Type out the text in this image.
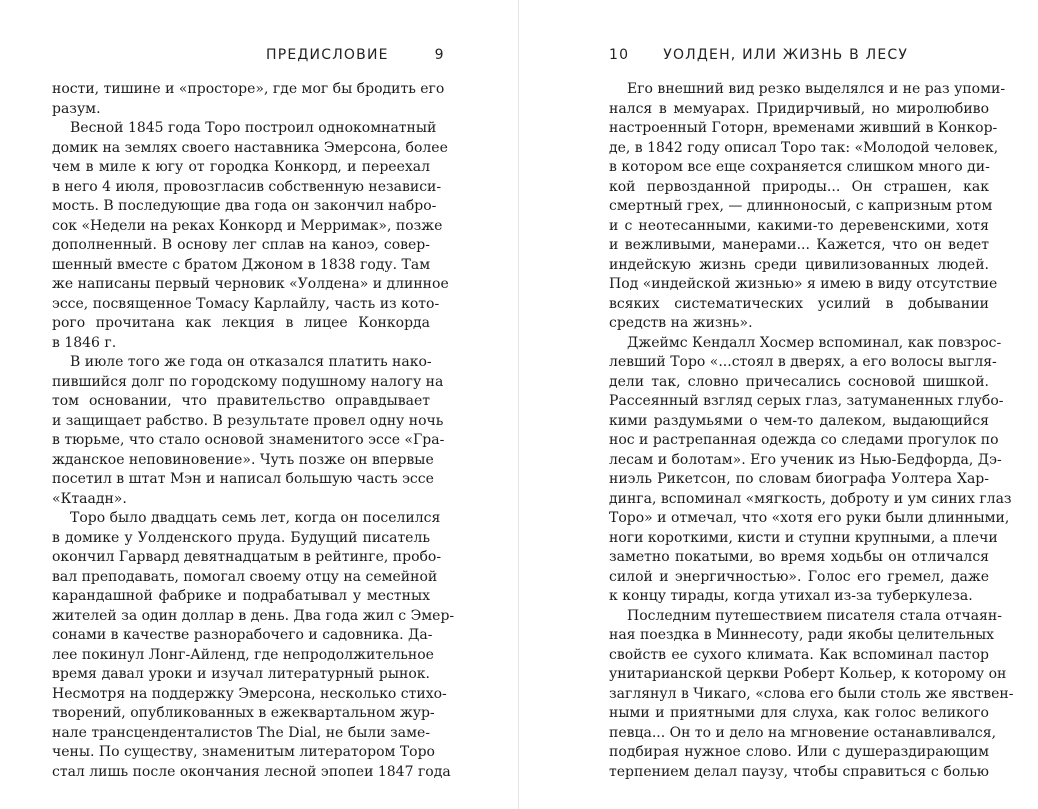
ПРЕДИСЛОВИЕ	9
ности, тишине и «просторе», где мог бы бродить его
разум.
Весной 1845 года Торо построил однокомнатный
домик на землях своего наставника Эмерсона, более
чем в миле к югу от городка Конкорд, и переехал
в него 4 июля, провозгласив собственную независи-
мость. В последующие два года он закончил набро-
сок «Недели на реках Конкорд и Мерримак», позже
дополненный. В основу лег сплав на каноэ, совер-
шенный вместе с братом Джоном в 1838 году. Там
же написаны первый черновик «Уолдена» и длинное
эссе, посвященное Томасу Карлайлу, часть из кото-
рого прочитана как лекция в лицее Конкорда
в 1846 г.
В июле того же года он отказался платить нако-
пившийся долг по городскому подушному налогу на
том основании, что правительство оправдывает
и защищает рабство. В результате провел одну ночь
в тюрьме, что стало основой знаменитого эссе «Гра-
жданское неповиновение». Чуть позже он впервые
посетил в штат Мэн и написал большую часть эссе
«Ктаадн».
Торо было двадцать семь лет, когда он поселился
в домике у Уолденского пруда. Будущий писатель
окончил Гарвард девятнадцатым в рейтинге, пробо-
вал преподавать, помогал своему отцу на семейной
карандашной фабрике и подрабатывал у местных
жителей за один доллар в день. Два года жил с Эмер-
сонами в качестве разнорабочего и садовника. Да-
лее покинул Лонг-Айленд, где непродолжительное
время давал уроки и изучал литературный рынок.
Несмотря на поддержку Эмерсона, несколько стихо-
творений, опубликованных в ежеквартальном жур-
нале трансценденталистов The Dial, не были заме-
чены. По существу, знаменитым литератором Торо
стал лишь после окончания лесной эпопеи 1847 года
10 УОЛДЕН, ИЛИ ЖИЗНЬ В ЛЕСУ
Его внешний вид резко выделялся и не раз упоми-
нался в мемуарах. Придирчивый, но миролюбиво
настроенный Готорн, временами живший в Конкор-
де, в 1842 году описал Торо так: «Молодой человек,
в котором все еще сохраняется слишком много ди-
кой первозданной природы... Он страшен, как
смертный грех, — длинноносый, с капризным ртом
и с неотесанными, какими-то деревенскими, хотя
и вежливыми, манерами... Кажется, что он ведет
индейскую жизнь среди цивилизованных людей.
Под «индейской жизнью» я имею в виду отсутствие
всяких систематических усилий в добывании
средств на жизнь».
Джеймс Кендалл Хосмер вспоминал, как повзрос-
левший Торо «...стоял в дверях, а его волосы выгля-
дели так, словно причесались сосновой шишкой.
Рассеянный взгляд серых глаз, затуманенных глубо-
кими раздумьями о чем-то далеком, выдающийся
нос и растрепанная одежда со следами прогулок по
лесам и болотам». Его ученик из Нью-Бедфорда, Дэ-
ниэль Рикетсон, по словам биографа Уолтера Хар-
динга, вспоминал «мягкость, доброту и ум синих глаз
Торо» и отмечал, что «хотя его руки были длинными,
ноги короткими, кисти и ступни крупными, а плечи
заметно покатыми, во время ходьбы он отличался
силой и энергичностью». Голос его гремел, даже
к концу тирады, когда утихал из-за туберкулеза.
Последним путешествием писателя стала отчаян-
ная поездка в Миннесоту, ради якобы целительных
свойств ее сухого климата. Как вспоминал пастор
унитарианской церкви Роберт Кольер, к которому он
заглянул в Чикаго, «слова его были столь же явствен-
ными и приятными для слуха, как голос великого
певца... Он то и дело на мгновение останавливался,
подбирая нужное слово. Или с душераздирающим
терпением делал паузу, чтобы справиться с болью
